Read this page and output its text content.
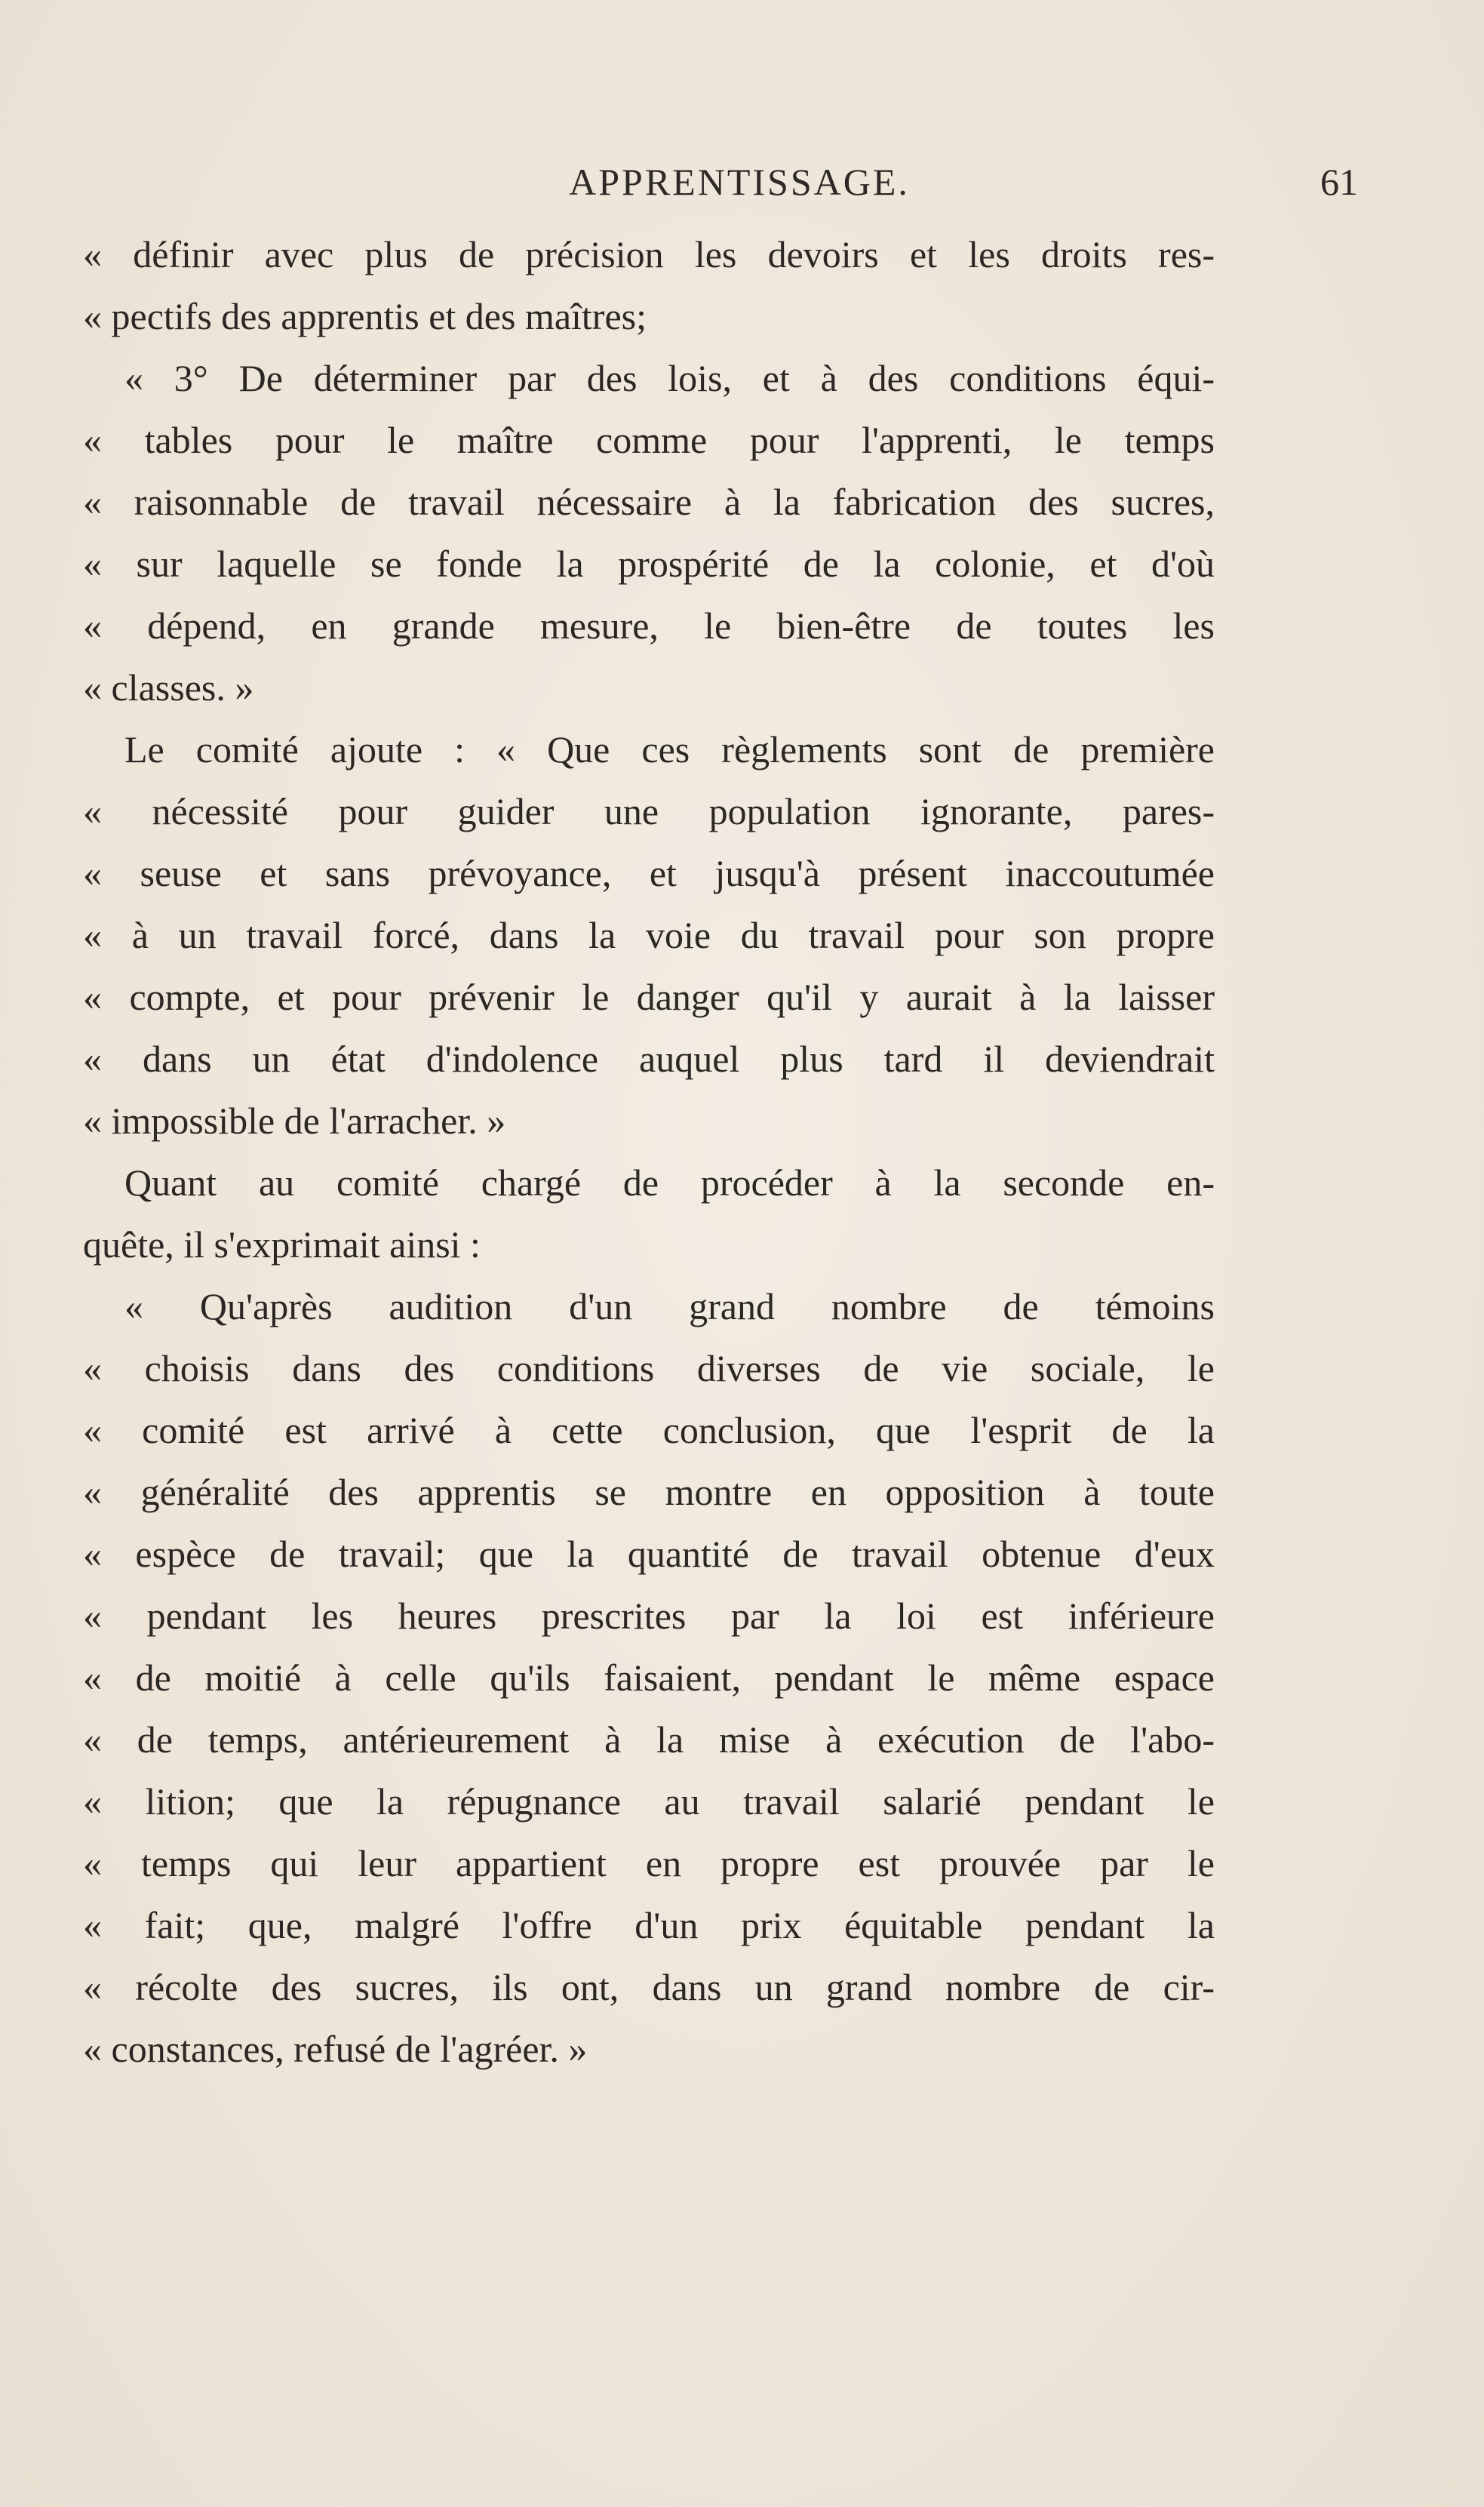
APPRENTISSAGE.	61
« définir avec plus de précision les devoirs et les droits res-
« pectifs des apprentis et des maîtres;
« 3° De déterminer par des lois, et à des conditions équi-
« tables pour le maître comme pour l'apprenti, le temps
« raisonnable de travail nécessaire à la fabrication des sucres,
« sur laquelle se fonde la prospérité de la colonie, et d'où
« dépend, en grande mesure, le bien-être de toutes les
« classes. »
Le comité ajoute : « Que ces règlements sont de première
« nécessité pour guider une population ignorante, pares-
« seuse et sans prévoyance, et jusqu'à présent inaccoutumée
« à un travail forcé, dans la voie du travail pour son propre
« compte, et pour prévenir le danger qu'il y aurait à la laisser
« dans un état d'indolence auquel plus tard il deviendrait
« impossible de l'arracher. »
Quant au comité chargé de procéder à la seconde en-
quête, il s'exprimait ainsi :
« Qu'après audition d'un grand nombre de témoins
« choisis dans des conditions diverses de vie sociale, le
« comité est arrivé à cette conclusion, que l'esprit de la
« généralité des apprentis se montre en opposition à toute
« espèce de travail; que la quantité de travail obtenue d'eux
« pendant les heures prescrites par la loi est inférieure
« de moitié à celle qu'ils faisaient, pendant le même espace
« de temps, antérieurement à la mise à exécution de l'abo-
« lition; que la répugnance au travail salarié pendant le
« temps qui leur appartient en propre est prouvée par le
« fait; que, malgré l'offre d'un prix équitable pendant la
« récolte des sucres, ils ont, dans un grand nombre de cir-
« constances, refusé de l'agréer. »
